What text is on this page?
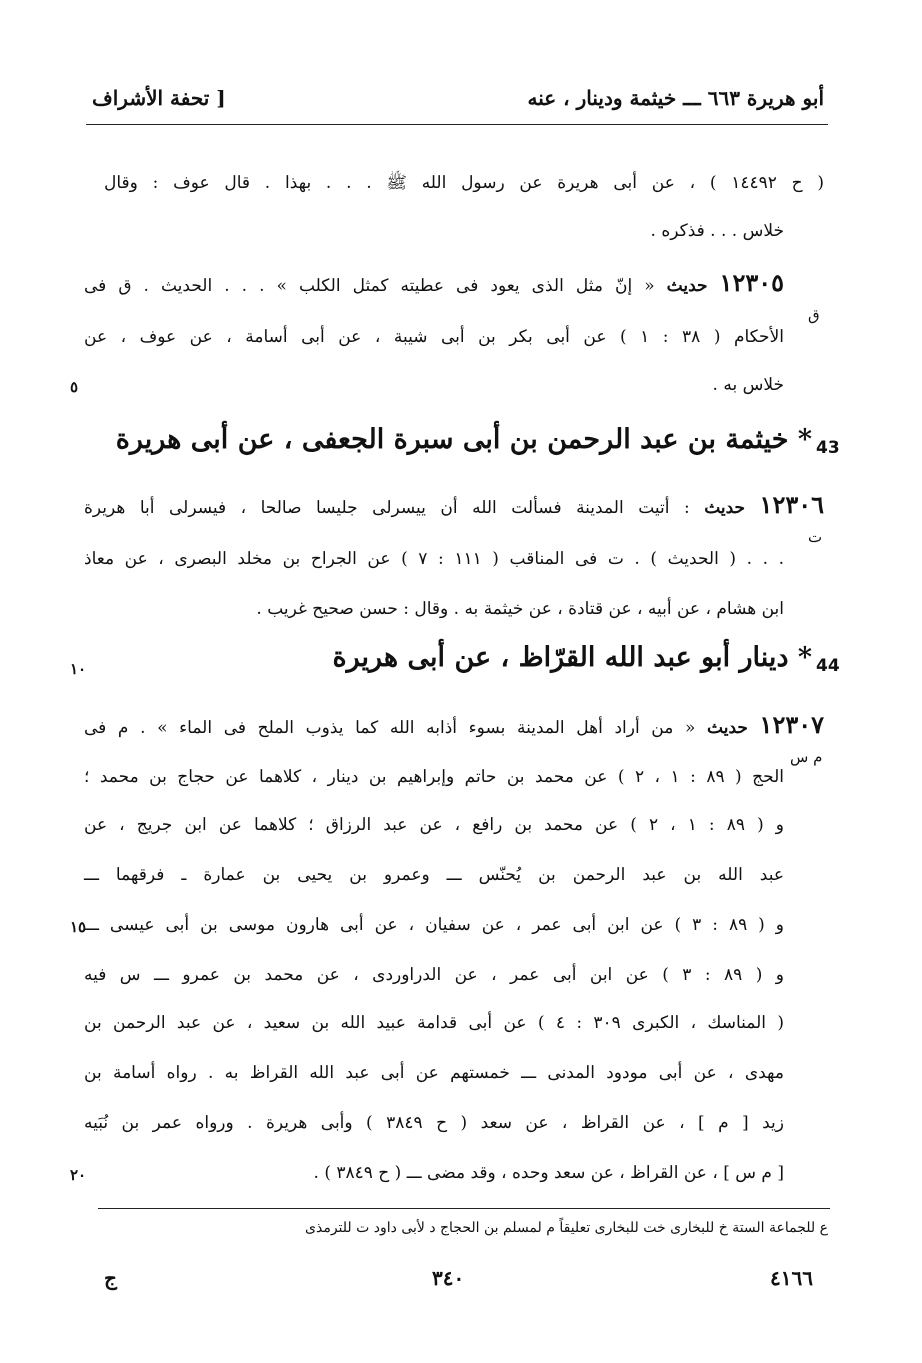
أبو هريرة ٦٦٣ ـــ خيثمة ودينار ، عنه
[ تحفة الأشراف
( ح ١٤٤٩٢ ) ، عن أبى هريرة عن رسول الله ﷺ . . . بهذا . قال عوف : وقال
خلاس . . . فذكره .
١٢٣٠٥ حديث « إنّ مثل الذى يعود فى عطيته كمثل الكلب » . . . الحديث . ق فى
ق
الأحكام ( ٣٨ : ١ ) عن أبى بكر بن أبى شيبة ، عن أبى أسامة ، عن عوف ، عن
خلاس به .
٥
43
* خيثمة بن عبد الرحمن بن أبى سبرة الجعفى ، عن أبى هريرة
١٢٣٠٦ حديث : أتيت المدينة فسألت الله أن ييسرلى جليسا صالحا ، فيسرلى أبا هريرة
ت
. . . ( الحديث ) . ت فى المناقب ( ١١١ : ٧ ) عن الجراح بن مخلد البصرى ، عن معاذ
ابن هشام ، عن أبيه ، عن قتادة ، عن خيثمة به . وقال : حسن صحيح غريب .
44
* دينار أبو عبد الله القرّاظ ، عن أبى هريرة
١٠
١٢٣٠٧ حديث « من أراد أهل المدينة بسوء أذابه الله كما يذوب الملح فى الماء » . م فى
م س
الحج ( ٨٩ : ١ ، ٢ ) عن محمد بن حاتم وإبراهيم بن دينار ، كلاهما عن حجاج بن محمد ؛
و ( ٨٩ : ١ ، ٢ ) عن محمد بن رافع ، عن عبد الرزاق ؛ كلاهما عن ابن جريج ، عن
عبد الله بن عبد الرحمن بن يُحنّس ـــ وعمرو بن يحيى بن عمارة ـ فرقهما ـــ
و ( ٨٩ : ٣ ) عن ابن أبى عمر ، عن سفيان ، عن أبى هارون موسى بن أبى عيسى ـــ
١٥
و ( ٨٩ : ٣ ) عن ابن أبى عمر ، عن الدراوردى ، عن محمد بن عمرو ـــ س فيه
( المناسك ، الكبرى ٣٠٩ : ٤ ) عن أبى قدامة عبيد الله بن سعيد ، عن عبد الرحمن بن
مهدى ، عن أبى مودود المدنى ـــ خمستهم عن أبى عبد الله القراظ به . رواه أسامة بن
زيد [ م ] ، عن القراظ ، عن سعد ( ح ٣٨٤٩ ) وأبى هريرة . ورواه عمر بن نُبَيه
[ م س ] ، عن القراظ ، عن سعد وحده ، وقد مضى ـــ ( ح ٣٨٤٩ ) .
٢٠
ع للجماعة الستة خ للبخارى خت للبخارى تعليقاً م لمسلم بن الحجاج د لأبى داود ت للترمذى
٤١٦٦
٣٤٠
ج
